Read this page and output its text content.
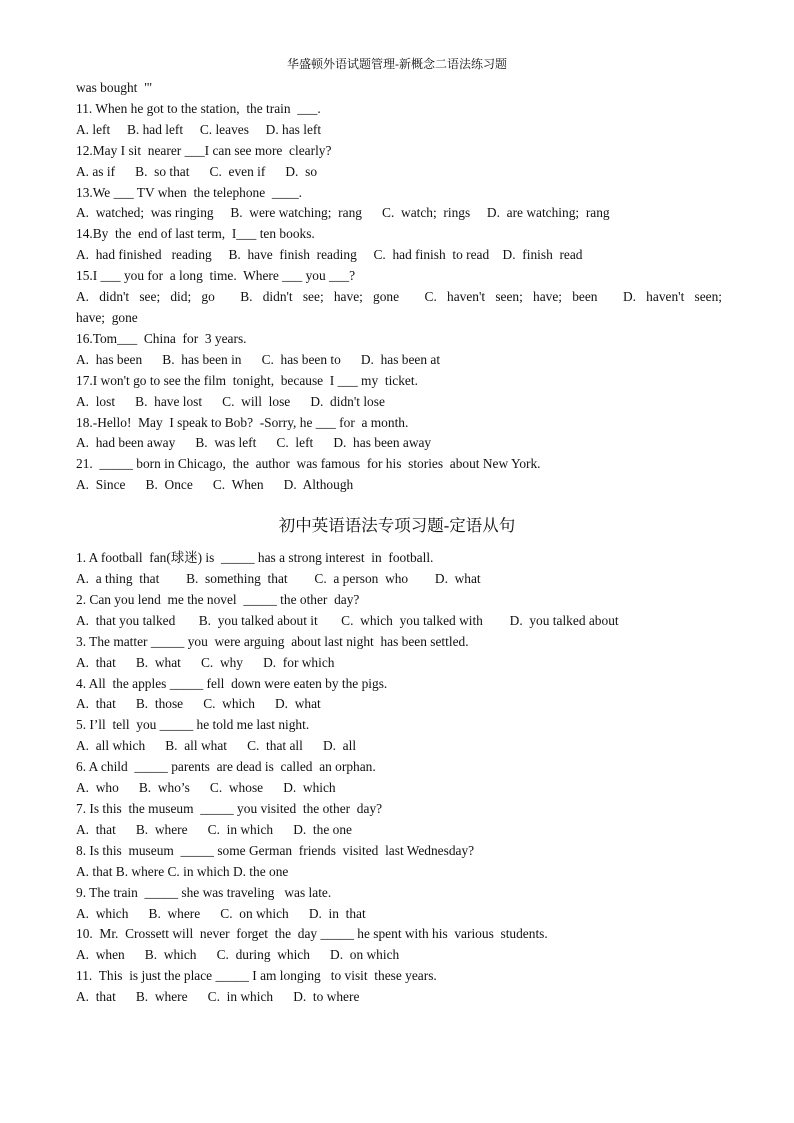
华盛顿外语试题管理-新概念二语法练习题
was bought  "'
11. When he got to the station,  the train  ___.
A. left     B. had left     C. leaves     D. has left
12.May I sit  nearer ___I can see more  clearly?
A. as if      B.  so that      C.  even if      D.  so
13.We ___ TV when  the telephone  ____.
A.  watched;  was ringing     B.  were watching;  rang      C.  watch;  rings     D.  are watching;  rang
14.By  the  end of last term,  I___ ten books.
A.  had finished   reading     B.  have  finish  reading     C.  had finish  to read    D.  finish  read
15.I ___ you for  a long  time.  Where ___ you ___?
A.  didn't  see;  did;  go     B.  didn't  see;  have;  gone     C.  haven't  seen;  have;  been     D.  haven't  seen;
have;  gone
16.Tom___  China  for  3 years.
A.  has been      B.  has been in      C.  has been to      D.  has been at
17.I won't go to see the film  tonight,  because  I ___ my  ticket.
A.  lost      B.  have lost      C.  will  lose      D.  didn't lose
18.-Hello!  May  I speak to Bob?  -Sorry, he ___ for  a month.
A.  had been away      B.  was left      C.  left      D.  has been away
21.  _____ born in Chicago,  the  author  was famous  for his  stories  about New York.
A.  Since      B.  Once      C.  When      D.  Although
初中英语语法专项习题-定语从句
1. A football  fan(球迷) is  _____ has a strong interest  in  football.
A.  a thing  that        B.  something  that        C.  a person  who        D.  what
2. Can you lend  me the novel  _____ the other  day?
A.  that you talked       B.  you talked about it       C.  which  you talked with        D.  you talked about
3. The matter _____ you  were arguing  about last night  has been settled.
A.  that      B.  what      C.  why      D.  for which
4. All  the apples _____ fell  down were eaten by the pigs.
A.  that      B.  those      C.  which      D.  what
5. I’ll  tell  you _____ he told me last night.
A.  all which      B.  all what      C.  that all      D.  all
6. A child  _____ parents  are dead is  called  an orphan.
A.  who      B.  who’s      C.  whose      D.  which
7. Is this  the museum  _____ you visited  the other  day?
A.  that      B.  where      C.  in which      D.  the one
8. Is this  museum  _____ some German  friends  visited  last Wednesday?
A. that B. where C. in which D. the one
9. The train  _____ she was traveling   was late.
A.  which      B.  where      C.  on which      D.  in  that
10.  Mr.  Crossett will  never  forget  the  day _____ he spent with his  various  students.
A.  when      B.  which      C.  during  which      D.  on which
11.  This  is just the place _____ I am longing   to visit  these years.
A.  that      B.  where      C.  in which      D.  to where
